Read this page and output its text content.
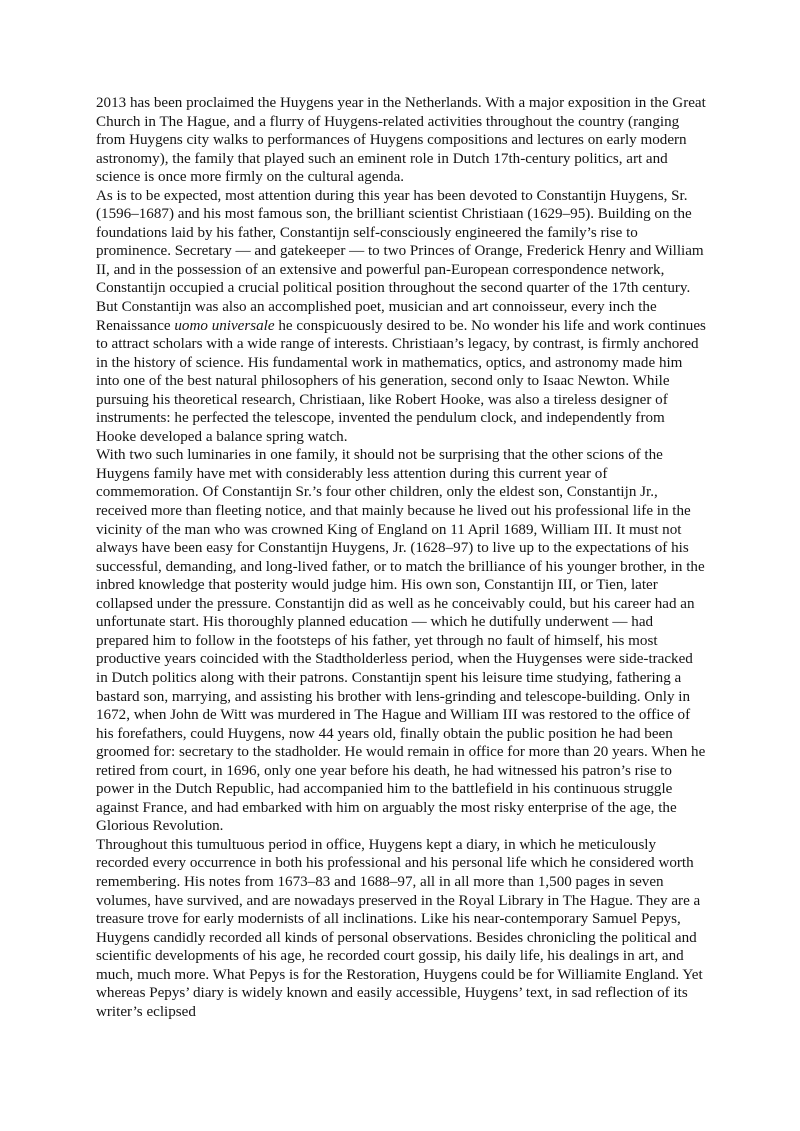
2013 has been proclaimed the Huygens year in the Netherlands. With a major exposition in the Great Church in The Hague, and a flurry of Huygens-related activities throughout the country (ranging from Huygens city walks to performances of Huygens compositions and lectures on early modern astronomy), the family that played such an eminent role in Dutch 17th-century politics, art and science is once more firmly on the cultural agenda.

As is to be expected, most attention during this year has been devoted to Constantijn Huygens, Sr. (1596–1687) and his most famous son, the brilliant scientist Christiaan (1629–95). Building on the foundations laid by his father, Constantijn self-consciously engineered the family’s rise to prominence. Secretary — and gatekeeper — to two Princes of Orange, Frederick Henry and William II, and in the possession of an extensive and powerful pan-European correspondence network, Constantijn occupied a crucial political position throughout the second quarter of the 17th century. But Constantijn was also an accomplished poet, musician and art connoisseur, every inch the Renaissance uomo universale he conspicuously desired to be. No wonder his life and work continues to attract scholars with a wide range of interests. Christiaan’s legacy, by contrast, is firmly anchored in the history of science. His fundamental work in mathematics, optics, and astronomy made him into one of the best natural philosophers of his generation, second only to Isaac Newton. While pursuing his theoretical research, Christiaan, like Robert Hooke, was also a tireless designer of instruments: he perfected the telescope, invented the pendulum clock, and independently from Hooke developed a balance spring watch.

With two such luminaries in one family, it should not be surprising that the other scions of the Huygens family have met with considerably less attention during this current year of commemoration. Of Constantijn Sr.’s four other children, only the eldest son, Constantijn Jr., received more than fleeting notice, and that mainly because he lived out his professional life in the vicinity of the man who was crowned King of England on 11 April 1689, William III. It must not always have been easy for Constantijn Huygens, Jr. (1628–97) to live up to the expectations of his successful, demanding, and long-lived father, or to match the brilliance of his younger brother, in the inbred knowledge that posterity would judge him. His own son, Constantijn III, or Tien, later collapsed under the pressure. Constantijn did as well as he conceivably could, but his career had an unfortunate start. His thoroughly planned education — which he dutifully underwent — had prepared him to follow in the footsteps of his father, yet through no fault of himself, his most productive years coincided with the Stadtholderless period, when the Huygenses were side-tracked in Dutch politics along with their patrons. Constantijn spent his leisure time studying, fathering a bastard son, marrying, and assisting his brother with lens-grinding and telescope-building. Only in 1672, when John de Witt was murdered in The Hague and William III was restored to the office of his forefathers, could Huygens, now 44 years old, finally obtain the public position he had been groomed for: secretary to the stadholder. He would remain in office for more than 20 years. When he retired from court, in 1696, only one year before his death, he had witnessed his patron’s rise to power in the Dutch Republic, had accompanied him to the battlefield in his continuous struggle against France, and had embarked with him on arguably the most risky enterprise of the age, the Glorious Revolution.

Throughout this tumultuous period in office, Huygens kept a diary, in which he meticulously recorded every occurrence in both his professional and his personal life which he considered worth remembering. His notes from 1673–83 and 1688–97, all in all more than 1,500 pages in seven volumes, have survived, and are nowadays preserved in the Royal Library in The Hague. They are a treasure trove for early modernists of all inclinations. Like his near-contemporary Samuel Pepys, Huygens candidly recorded all kinds of personal observations. Besides chronicling the political and scientific developments of his age, he recorded court gossip, his daily life, his dealings in art, and much, much more. What Pepys is for the Restoration, Huygens could be for Williamite England. Yet whereas Pepys’ diary is widely known and easily accessible, Huygens’ text, in sad reflection of its writer’s eclipsed
